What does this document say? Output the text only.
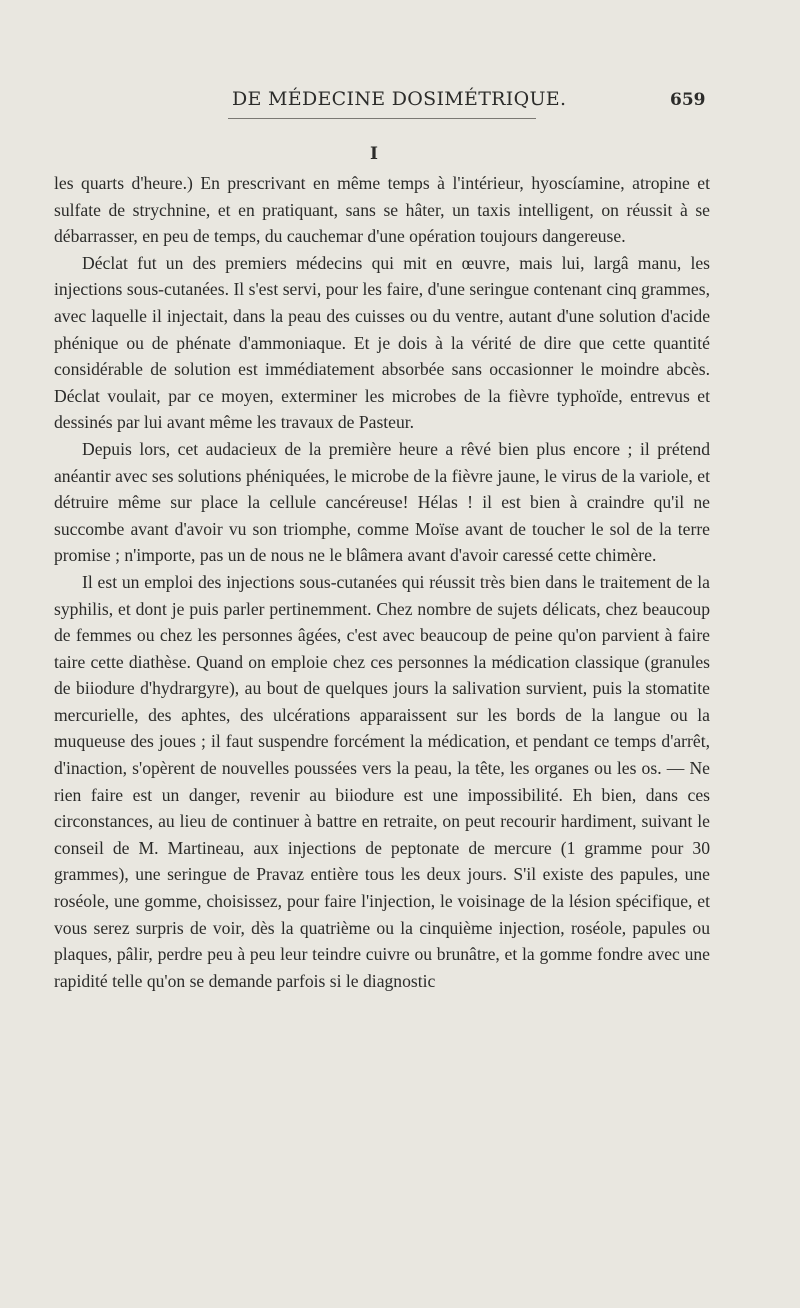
DE MÉDECINE DOSIMÉTRIQUE.	659
I

les quarts d'heure.) En prescrivant en même temps à l'intérieur, hyoscíamine, atropine et sulfate de strychnine, et en pratiquant, sans se hâter, un taxis intelligent, on réussit à se débarrasser, en peu de temps, du cauchemar d'une opération toujours dangereuse.

Déclat fut un des premiers médecins qui mit en œuvre, mais lui, largâ manu, les injections sous-cutanées. Il s'est servi, pour les faire, d'une seringue contenant cinq grammes, avec laquelle il injectait, dans la peau des cuisses ou du ventre, autant d'une solution d'acide phénique ou de phénate d'ammoniaque. Et je dois à la vérité de dire que cette quantité considérable de solution est immédiatement absorbée sans occasionner le moindre abcès. Déclat voulait, par ce moyen, exterminer les microbes de la fièvre typhoïde, entrevus et dessinés par lui avant même les travaux de Pasteur.

Depuis lors, cet audacieux de la première heure a rêvé bien plus encore ; il prétend anéantir avec ses solutions phéniquées, le microbe de la fièvre jaune, le virus de la variole, et détruire même sur place la cellule cancéreuse! Hélas ! il est bien à craindre qu'il ne succombe avant d'avoir vu son triomphe, comme Moïse avant de toucher le sol de la terre promise ; n'importe, pas un de nous ne le blâmera avant d'avoir caressé cette chimère.

Il est un emploi des injections sous-cutanées qui réussit très bien dans le traitement de la syphilis, et dont je puis parler pertinemment. Chez nombre de sujets délicats, chez beaucoup de femmes ou chez les personnes âgées, c'est avec beaucoup de peine qu'on parvient à faire taire cette diathèse. Quand on emploie chez ces personnes la médication classique (granules de biiodure d'hydrargyre), au bout de quelques jours la salivation survient, puis la stomatite mercurielle, des aphtes, des ulcérations apparaissent sur les bords de la langue ou la muqueuse des joues ; il faut suspendre forcément la médication, et pendant ce temps d'arrêt, d'inaction, s'opèrent de nouvelles poussées vers la peau, la tête, les organes ou les os. — Ne rien faire est un danger, revenir au biiodure est une impossibilité. Eh bien, dans ces circonstances, au lieu de continuer à battre en retraite, on peut recourir hardiment, suivant le conseil de M. Martineau, aux injections de peptonate de mercure (1 gramme pour 30 grammes), une seringue de Pravaz entière tous les deux jours. S'il existe des papules, une roséole, une gomme, choisissez, pour faire l'injection, le voisinage de la lésion spécifique, et vous serez surpris de voir, dès la quatrième ou la cinquième injection, roséole, papules ou plaques, pâlir, perdre peu à peu leur teindre cuivre ou brunâtre, et la gomme fondre avec une rapidité telle qu'on se demande parfois si le diagnostic
